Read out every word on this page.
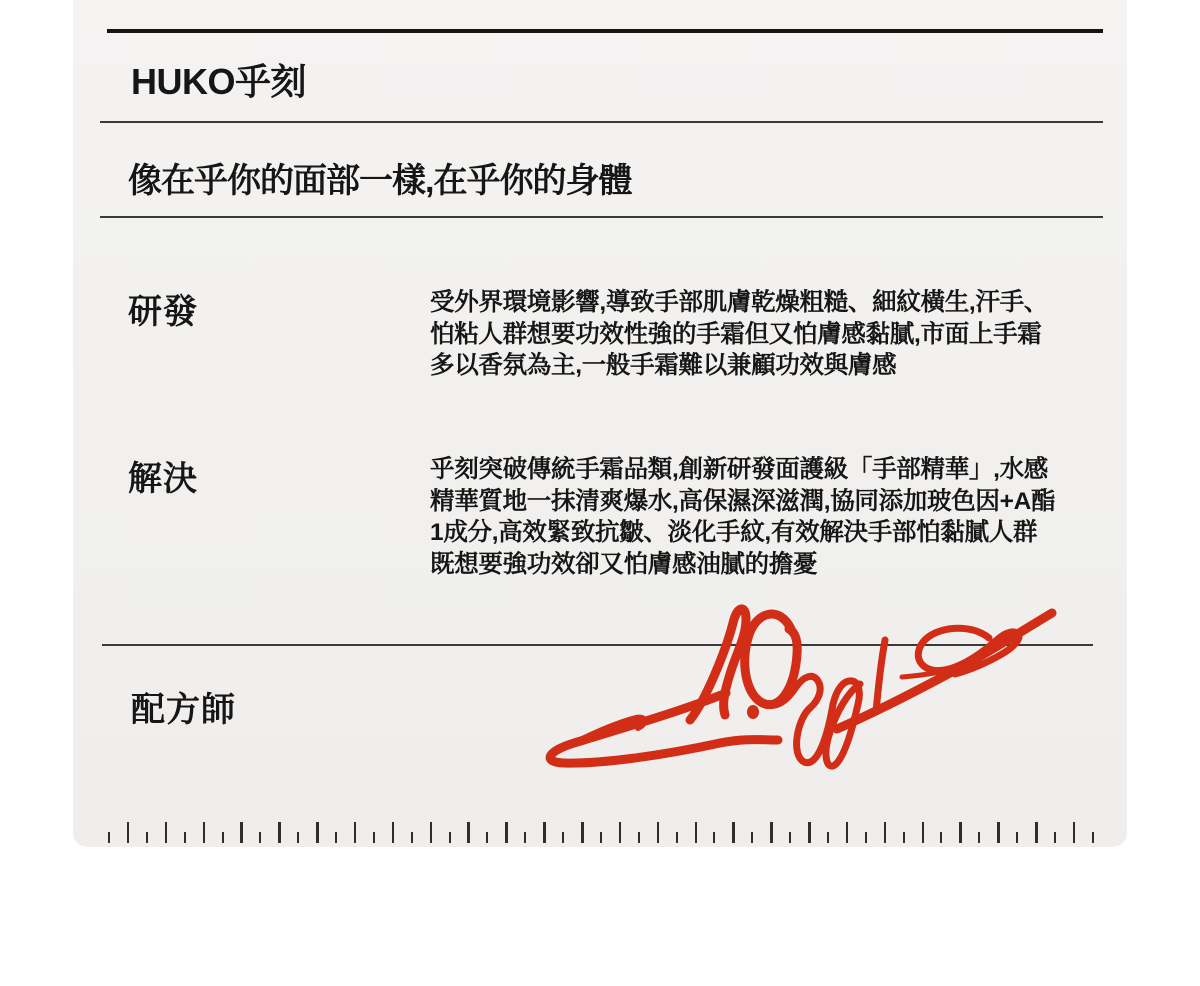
HUKO乎刻
像在乎你的面部一樣,在乎你的身體
研發	受外界環境影響,導致手部肌膚乾燥粗糙、細紋橫生,汗手、
怕粘人群想要功效性強的手霜但又怕膚感黏膩,市面上手霜
多以香氛為主,一般手霜難以兼顧功效與膚感
解決	乎刻突破傳統手霜品類,創新研發面護級「手部精華」,水感
精華質地一抹清爽爆水,高保濕深滋潤,協同添加玻色因+A酯
1成分,高效緊致抗皺、淡化手紋,有效解決手部怕黏膩人群
既想要強功效卻又怕膚感油膩的擔憂
配方師
